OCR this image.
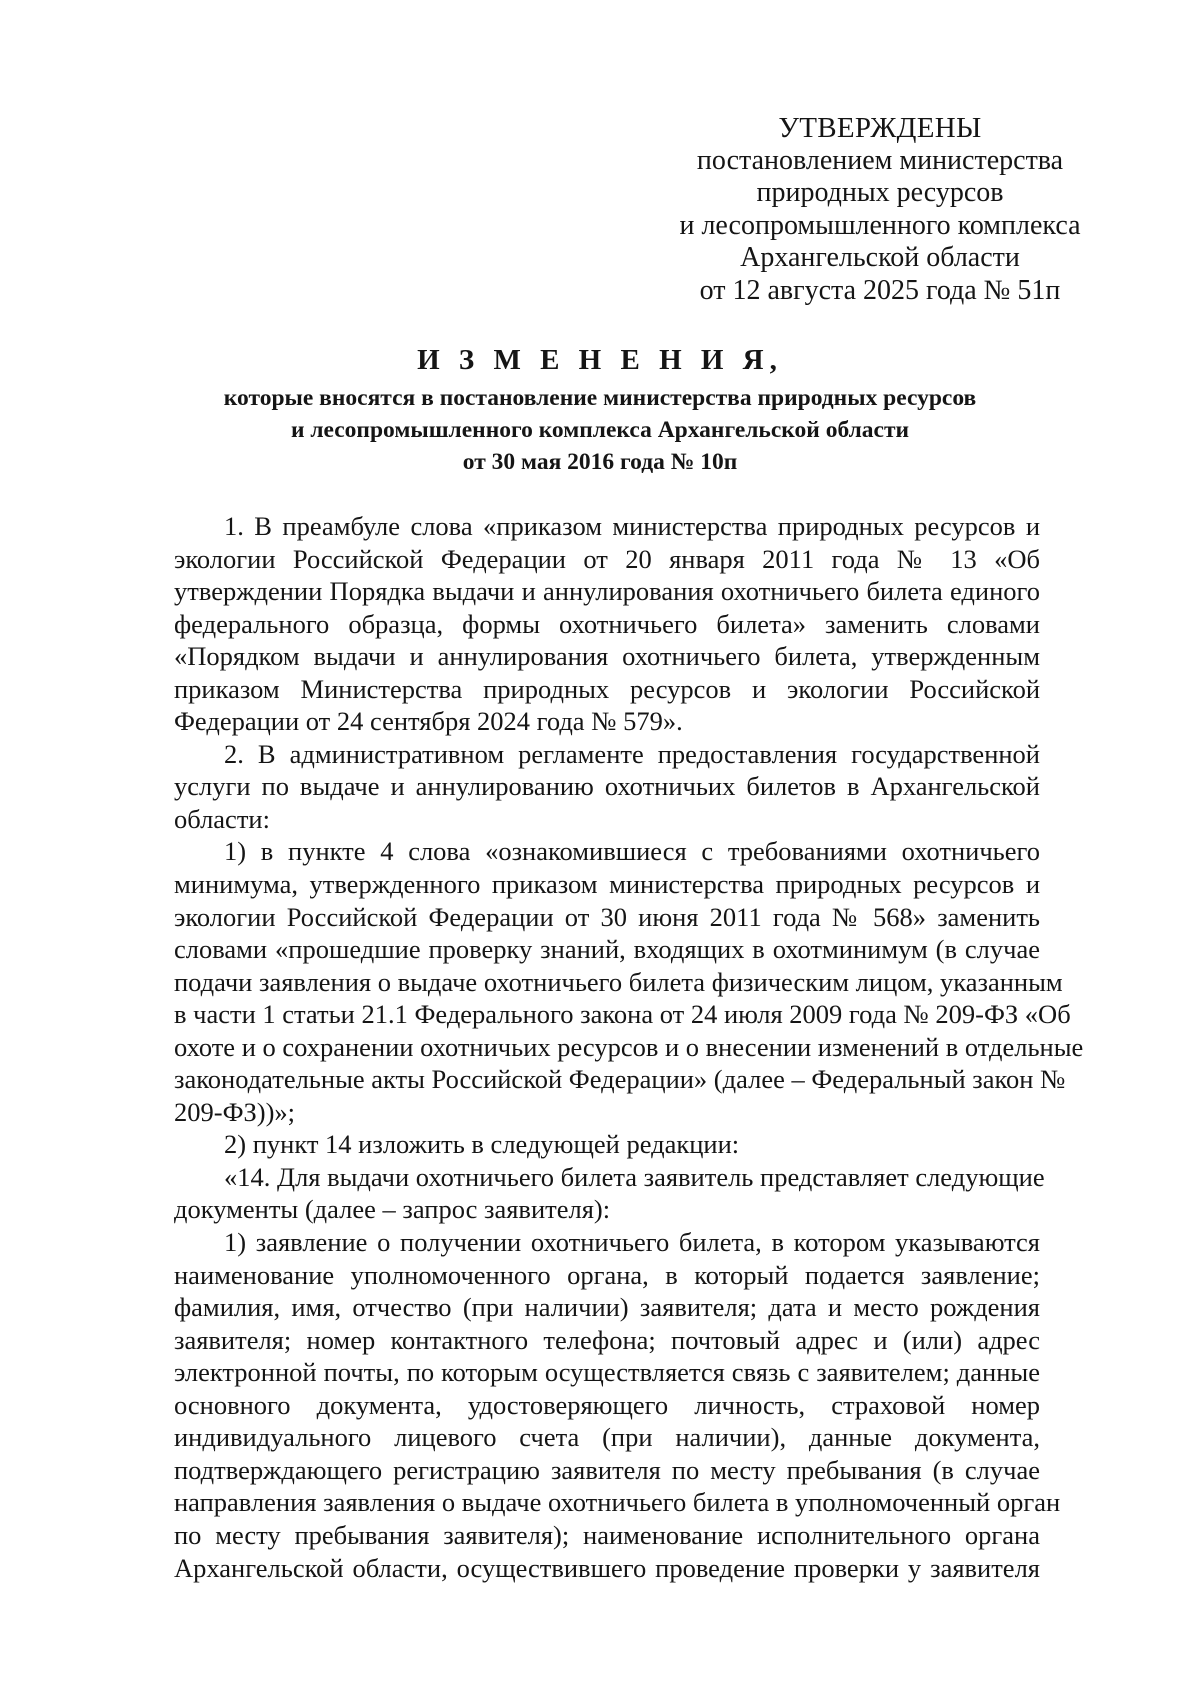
УТВЕРЖДЕНЫ
постановлением министерства
природных ресурсов
и лесопромышленного комплекса
Архангельской области
от 12 августа 2025 года № 51п
И З М Е Н Е Н И Я,
которые вносятся в постановление министерства природных ресурсов
и лесопромышленного комплекса Архангельской области
от 30 мая 2016 года № 10п
1. В преамбуле слова «приказом министерства природных ресурсов и
экологии Российской Федерации от 20 января 2011 года № 13 «Об
утверждении Порядка выдачи и аннулирования охотничьего билета единого
федерального образца, формы охотничьего билета» заменить словами
«Порядком выдачи и аннулирования охотничьего билета, утвержденным
приказом Министерства природных ресурсов и экологии Российской
Федерации от 24 сентября 2024 года № 579».
2. В административном регламенте предоставления государственной
услуги по выдаче и аннулированию охотничьих билетов в Архангельской
области:
1) в пункте 4 слова «ознакомившиеся с требованиями охотничьего
минимума, утвержденного приказом министерства природных ресурсов и
экологии Российской Федерации от 30 июня 2011 года № 568» заменить
словами «прошедшие проверку знаний, входящих в охотминимум (в случае
подачи заявления о выдаче охотничьего билета физическим лицом, указанным
в части 1 статьи 21.1 Федерального закона от 24 июля 2009 года № 209-ФЗ «Об
охоте и о сохранении охотничьих ресурсов и о внесении изменений в отдельные
законодательные акты Российской Федерации» (далее – Федеральный закон №
209-ФЗ))»;
2) пункт 14 изложить в следующей редакции:
«14. Для выдачи охотничьего билета заявитель представляет следующие
документы (далее – запрос заявителя):
1) заявление о получении охотничьего билета, в котором указываются
наименование уполномоченного органа, в который подается заявление;
фамилия, имя, отчество (при наличии) заявителя; дата и место рождения
заявителя; номер контактного телефона; почтовый адрес и (или) адрес
электронной почты, по которым осуществляется связь с заявителем; данные
основного документа, удостоверяющего личность, страховой номер
индивидуального лицевого счета (при наличии), данные документа,
подтверждающего регистрацию заявителя по месту пребывания (в случае
направления заявления о выдаче охотничьего билета в уполномоченный орган
по месту пребывания заявителя); наименование исполнительного органа
Архангельской области, осуществившего проведение проверки у заявителя
